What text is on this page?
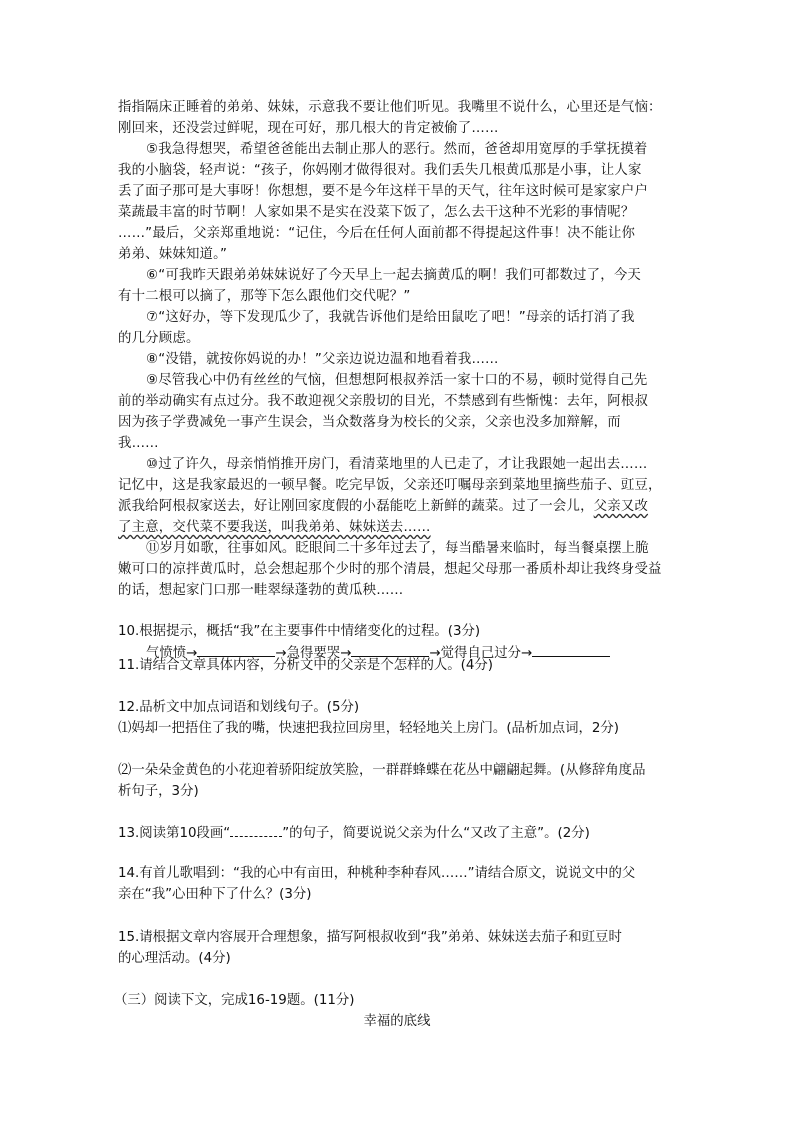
指指隔床正睡着的弟弟、妹妹，示意我不要让他们听见。我嘴里不说什么，心里还是气恼：
刚回来，还没尝过鲜呢，现在可好，那几根大的肯定被偷了……
⑤我急得想哭，希望爸爸能出去制止那人的恶行。然而，爸爸却用宽厚的手掌抚摸着
我的小脑袋，轻声说：“孩子，你妈刚才做得很对。我们丢失几根黄瓜那是小事，让人家
丢了面子那可是大事呀！你想想，要不是今年这样干旱的天气，往年这时候可是家家户户
菜蔬最丰富的时节啊！人家如果不是实在没菜下饭了，怎么去干这种不光彩的事情呢？
……”最后，父亲郑重地说：“记住，今后在任何人面前都不得提起这件事！决不能让你
弟弟、妹妹知道。”
⑥“可我昨天跟弟弟妹妹说好了今天早上一起去摘黄瓜的啊！我们可都数过了，今天
有十二根可以摘了，那等下怎么跟他们交代呢？”
⑦“这好办，等下发现瓜少了，我就告诉他们是给田鼠吃了吧！”母亲的话打消了我
的几分顾虑。
⑧“没错，就按你妈说的办！”父亲边说边温和地看着我……
⑨尽管我心中仍有丝丝的气恼，但想想阿根叔养活一家十口的不易，顿时觉得自己先
前的举动确实有点过分。我不敢迎视父亲殷切的目光，不禁感到有些惭愧：去年，阿根叔
因为孩子学费减免一事产生误会，当众数落身为校长的父亲，父亲也没多加辩解，而
我……
⑩过了许久，母亲悄悄推开房门，看清菜地里的人已走了，才让我跟她一起出去……
记忆中，这是我家最迟的一顿早餐。吃完早饭，父亲还叮嘱母亲到菜地里摘些茄子、豇豆，
派我给阿根叔家送去，好让刚回家度假的小磊能吃上新鲜的蔬菜。过了一会儿，父亲又改
了主意，交代菜不要我送，叫我弟弟、妹妹送去……
⑪岁月如歌，往事如风。眨眼间二十多年过去了，每当酷暑来临时，每当餐桌摆上脆
嫩可口的凉拌黄瓜时，总会想起那个少时的那个清晨，想起父母那一番质朴却让我终身受益
的话，想起家门口那一畦翠绿蓬勃的黄瓜秧……
10.根据提示，概括“我”在主要事件中情绪变化的过程。(3分)
气愤愤→	→急得要哭→	→觉得自己过分→
11.请结合文章具体内容，分析文中的父亲是个怎样的人。(4分)
12.品析文中加点词语和划线句子。(5分)
⑴妈却一把捂住了我的嘴，快速把我拉回房里，轻轻地关上房门。(品析加点词，2分)
⑵一朵朵金黄色的小花迎着骄阳绽放笑脸，一群群蜂蝶在花丛中翩翩起舞。(从修辞角度品
析句子，3分)
13.阅读第10段画“	”的句子，简要说说父亲为什么“又改了主意”。(2分)
14.有首儿歌唱到：“我的心中有亩田，种桃种李种春风……”请结合原文，说说文中的父
亲在“我”心田种下了什么？(3分)
15.请根据文章内容展开合理想象，描写阿根叔收到“我”弟弟、妹妹送去茄子和豇豆时
的心理活动。(4分)
（三）阅读下文，完成16-19题。(11分)
幸福的底线
